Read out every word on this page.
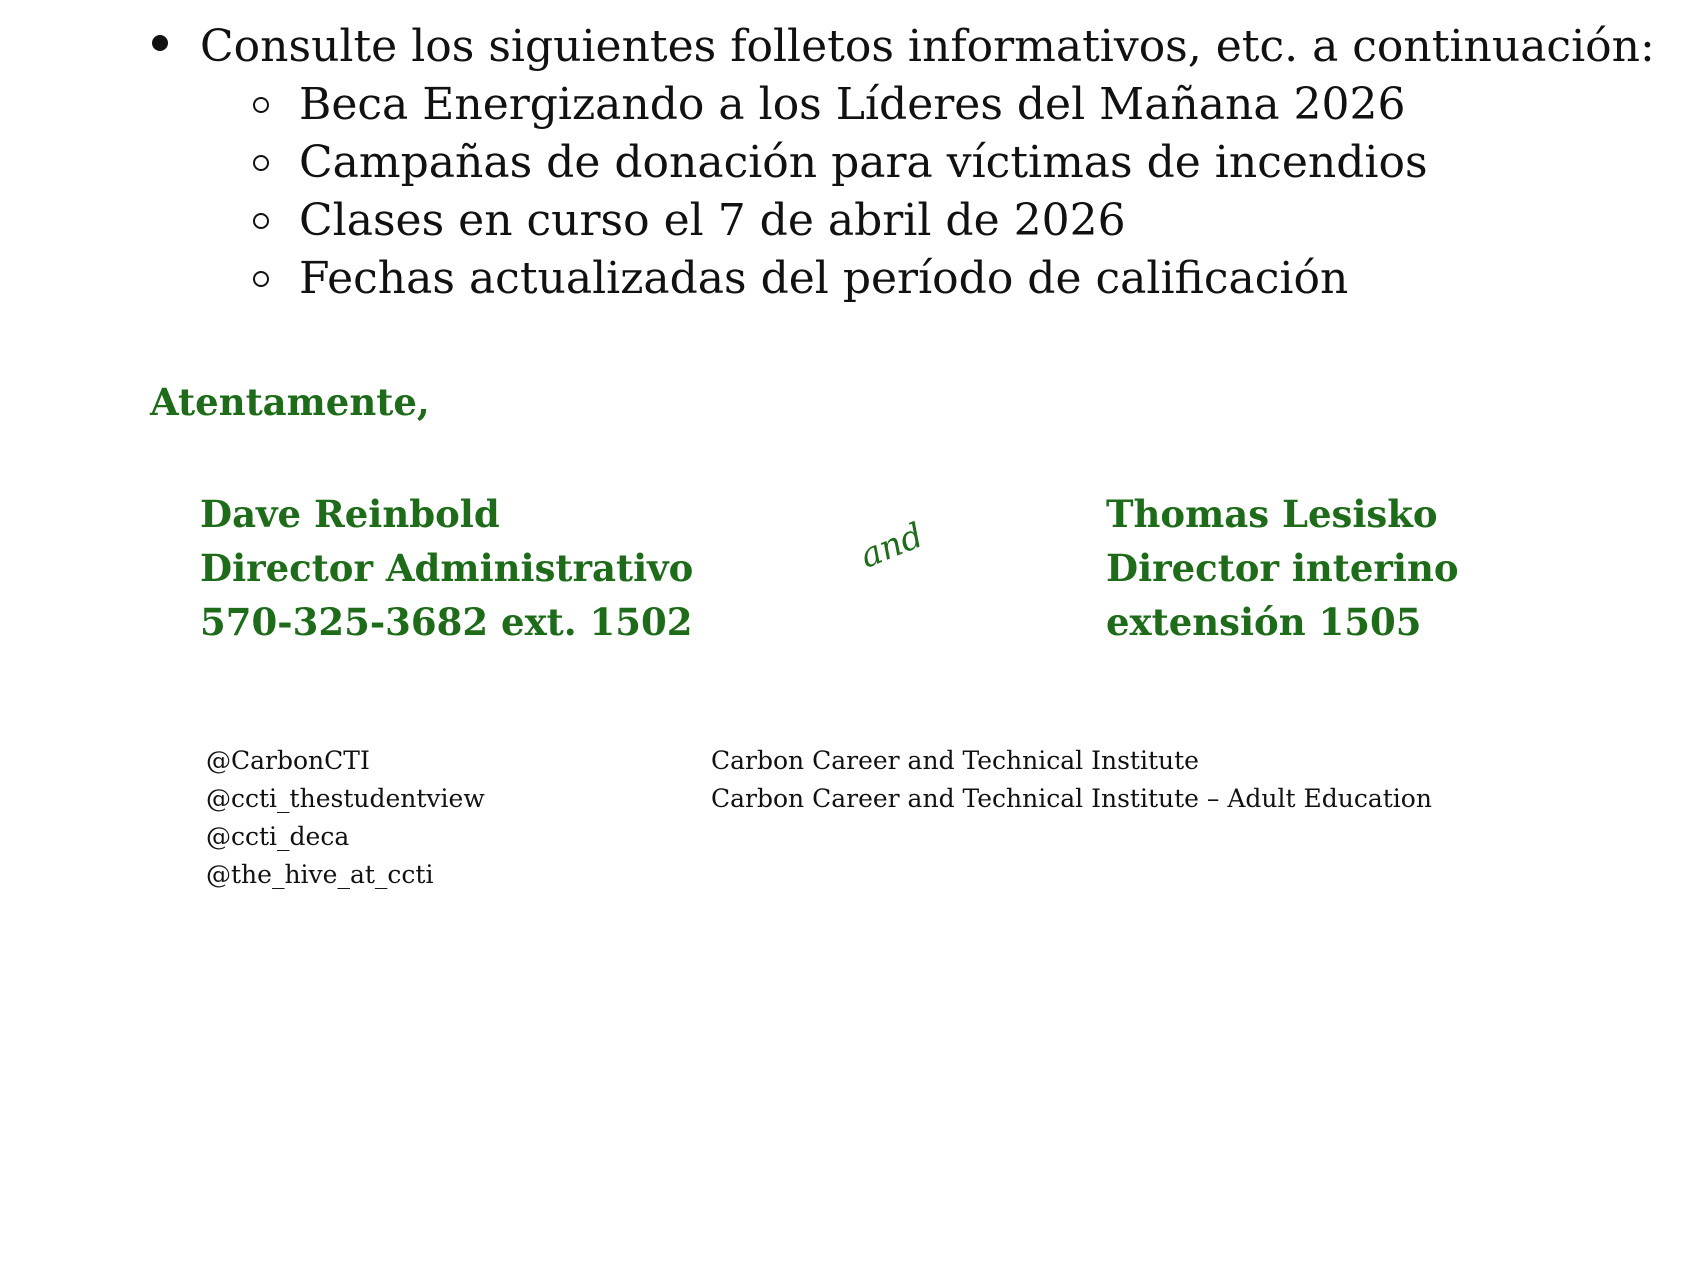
Consulte los siguientes folletos informativos, etc. a continuación:
Beca Energizando a los Líderes del Mañana 2026
Campañas de donación para víctimas de incendios
Clases en curso el 7 de abril de 2026
Fechas actualizadas del período de calificación
Atentamente,
Dave Reinbold
Director Administrativo
570-325-3682 ext. 1502
and
Thomas Lesisko
Director interino
extensión 1505
@CarbonCTI
@ccti_thestudentview
@ccti_deca
@the_hive_at_ccti
Carbon Career and Technical Institute
Carbon Career and Technical Institute – Adult Education
